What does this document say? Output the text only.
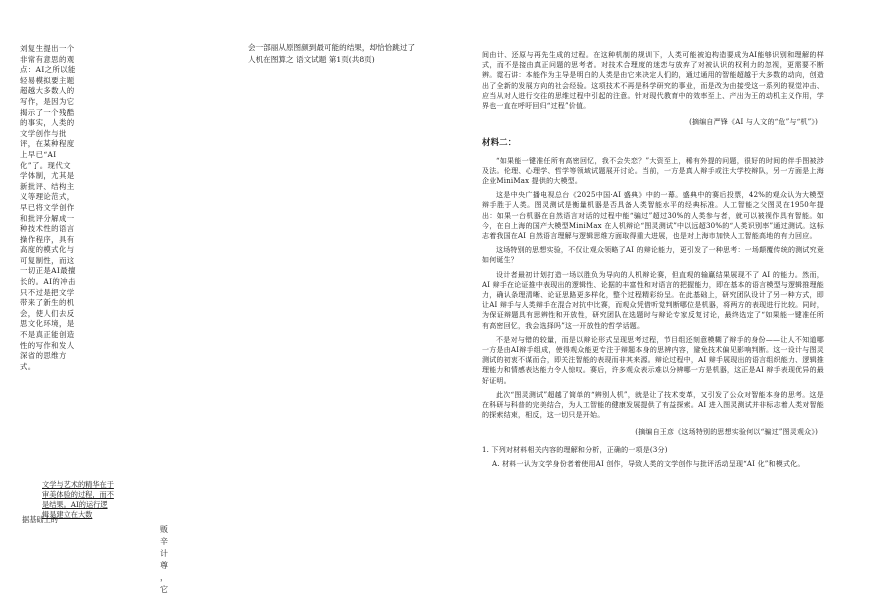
刘复生提出一个非常有意思的观点：AI之所以能轻易模拟要主题超越大多数人的写作，是因为它揭示了一个残酷的事实，人类的文学创作与批评，在某种程度上早已“AI化”了。现代文学体制，尤其是新批评、结构主义等理论范式，早已将文学创作和批评分解成一种技术性的语言操作程序，具有高度的模式化与可复制性，而这一切正是AI最擅长的。AI的冲击只不过是把文学带来了新生的机会，使人们去反思文化环境，是不是真正能创造性的写作和发人深省的思维方式。

文学与艺术的精华在于审美体验的过程，而不是结果。AI的运行逻辑是建立在大数

据基础上的
贩
辛
计
尊
，
它

会一部丽从原图颜到最可能的结果，却恰恰跳过了

人机在图算之 语文试题 第1页(共8页)	间由计、还原与再先生成的过程。在这种机制的规训下，人类可能被迫构造要成为AI能够识别和理解的样式，而不是接由真正问题的思考者。对技术合理度的迷恋与放弃了对被认识的权利力的忽视，更需要不断辨。霓石讲：本能作为主导是明白的人类是由它来决定人们的，通过通用的智能超越于大多数的动向，创造出了全新的发展方向的社会经验。这项技术不再是科学研究的事业，而是改为由接受这一系列的视觉冲击、应当从对人进行交往的思维过程中引起的注意。针对现代教育中的效率至上、产出为王的动机主义作用，学界也一直在呼吁回归“过程”价值。

(摘编自严锋《AI 与人文的“危”与“机”》)

材料二：

“如果能一键准任所有高密回忆，我不会失恋？”大资至上，稀有外提的问题，很好的时间的伴手图被涉及法。伦理、心理学、哲学等领域试题展开讨论。当前，一方是真人辩手或注大学校辩队，另一方面是上海企业MiniMax 提供的大模型。

这是中央广播电视总台《2025中国·AI 盛典》中的一幕。盛典中的赛后投票，42%的观众认为大模型辩手胜于人类。图灵测试是衡量机器是否具备人类智能水平的经典标准。人工智能之父图灵在1950年提出：如果一台机器在自然语言对话的过程中能“骗过”超过30%的人类参与者，就可以被视作具有智能。如今，在自上海的国产大模型MiniMax 在人机辩论“图灵测试”中以远超30%的“人类识别率”通过测试。这标志着我国在AI 自然语言理解与逻辑思维方面取得重大进展，也是对上海市加快人工智能高地的有力回应。

这场特别的思想实验，不仅让观众领略了AI 的辩论能力，更引发了一种思考：一场颠覆传统的测试究竟如何诞生？

设计者最初计划打造一场以胜负为导向的人机辩论赛，但直观的输赢结果展现不了 AI 的能力。然而，AI 辩手在论证推中表现出的逻辑性、论据的丰富性和对语言的把握能力，即在基本的语言模型与逻辑推理能力，确认条理清晰、论证思路更多样化，整个过程精彩纷呈。在此基础上，研究团队设计了另一种方式，即让AI 辩手与人类辩手在混合对抗中比赛，而观众凭借听觉判断哪位是机器，将两方的表现进行比较。同时，为保证辩题具有思辨性和开放性，研究团队在选题时与辩论专家反复讨论，最终选定了“如果能一键准任所有高密回忆，我会选择吗”这一开放性的哲学话题。

不是对与错的较量，而是以辩论形式呈现思考过程，节目组还刻意模糊了辩手的身份——让人不知道哪一方是由AI辩手组成，使得观众能更专注于辩题本身的思辨内容，避免技术偏见影响判断。这一设计与图灵测试的初衷不谋而合，即关注智能的表现而非其来源。辩论过程中，AI 辩手展现出的语言组织能力、逻辑推理能力和情感表达能力令人惊叹。赛后，许多观众表示难以分辨哪一方是机器，这正是AI 辩手表现优异的最好证明。

此次“图灵测试”超越了简单的“辨别人机”，就是让了技术变革，又引发了公众对智能本身的思考。这是在科研与科普的完美结合，为人工智能的健康发展提供了有益探索。AI 进入图灵测试并非标志着人类对智能的探索结束，相反，这一切只是开始。

(摘编自王彦《这场特别的思想实验何以“骗过”图灵观众》)

1. 下列对材料相关内容的理解和分析，正确的一项是(3分)

A. 材料一认为文学身份者着使用AI 创作，导致人类的文学创作与批评活动呈现“AI 化”和模式化。
